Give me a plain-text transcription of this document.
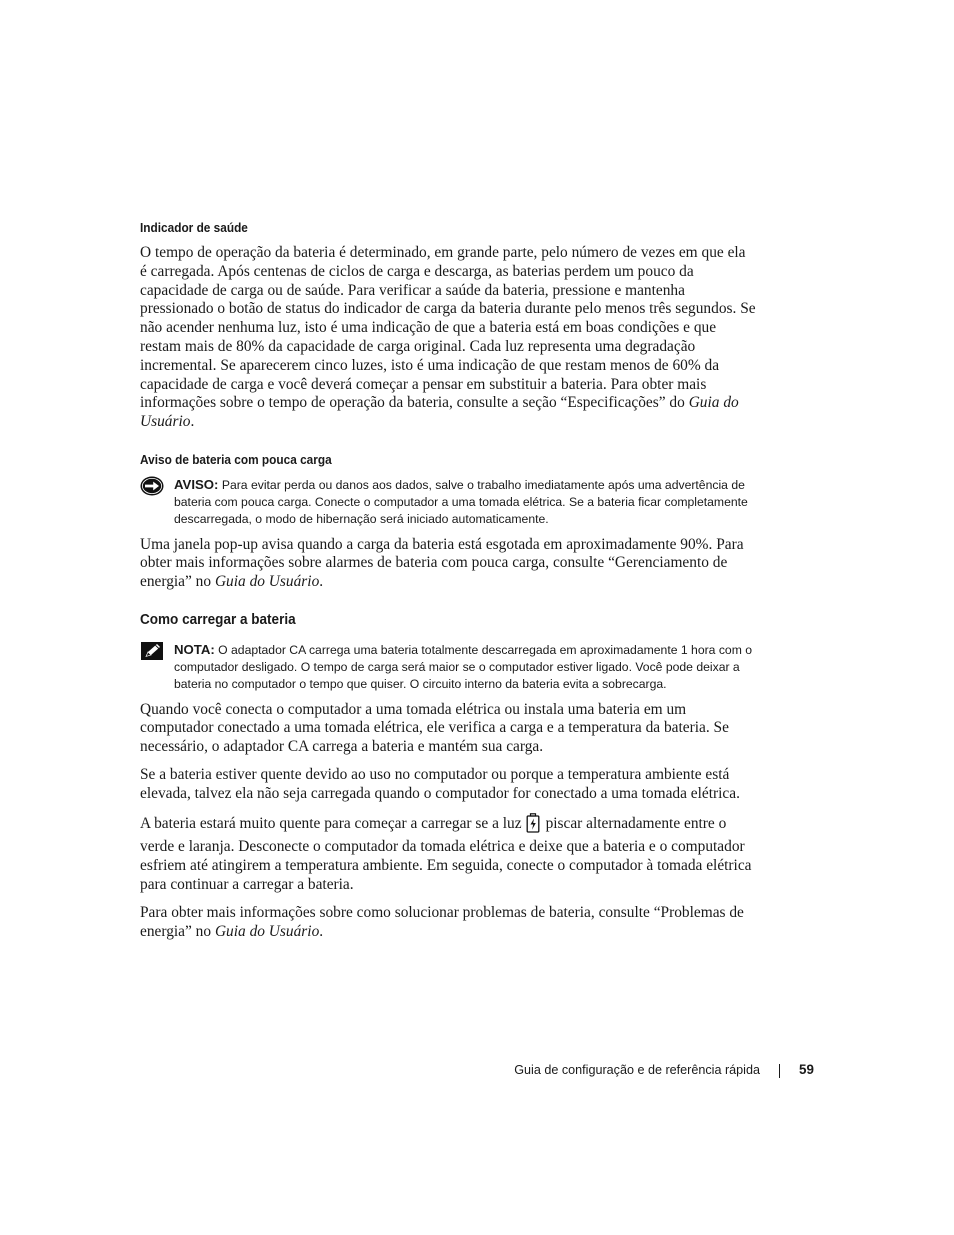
Indicador de saúde

O tempo de operação da bateria é determinado, em grande parte, pelo número de vezes em que ela é carregada. Após centenas de ciclos de carga e descarga, as baterias perdem um pouco da capacidade de carga ou de saúde. Para verificar a saúde da bateria, pressione e mantenha pressionado o botão de status do indicador de carga da bateria durante pelo menos três segundos. Se não acender nenhuma luz, isto é uma indicação de que a bateria está em boas condições e que restam mais de 80% da capacidade de carga original. Cada luz representa uma degradação incremental. Se aparecerem cinco luzes, isto é uma indicação de que restam menos de 60% da capacidade de carga e você deverá começar a pensar em substituir a bateria. Para obter mais informações sobre o tempo de operação da bateria, consulte a seção “Especificações” do Guia do Usuário.

Aviso de bateria com pouca carga
AVISO: Para evitar perda ou danos aos dados, salve o trabalho imediatamente após uma advertência de bateria com pouca carga. Conecte o computador a uma tomada elétrica. Se a bateria ficar completamente descarregada, o modo de hibernação será iniciado automaticamente.

Uma janela pop-up avisa quando a carga da bateria está esgotada em aproximadamente 90%. Para obter mais informações sobre alarmes de bateria com pouca carga, consulte “Gerenciamento de energia” no Guia do Usuário.

Como carregar a bateria
NOTA: O adaptador CA carrega uma bateria totalmente descarregada em aproximadamente 1 hora com o computador desligado. O tempo de carga será maior se o computador estiver ligado. Você pode deixar a bateria no computador o tempo que quiser. O circuito interno da bateria evita a sobrecarga.

Quando você conecta o computador a uma tomada elétrica ou instala uma bateria em um computador conectado a uma tomada elétrica, ele verifica a carga e a temperatura da bateria. Se necessário, o adaptador CA carrega a bateria e mantém sua carga.

Se a bateria estiver quente devido ao uso no computador ou porque a temperatura ambiente está elevada, talvez ela não seja carregada quando o computador for conectado a uma tomada elétrica.

A bateria estará muito quente para começar a carregar se a luz piscar alternadamente entre o verde e laranja. Desconecte o computador da tomada elétrica e deixe que a bateria e o computador esfriem até atingirem a temperatura ambiente. Em seguida, conecte o computador à tomada elétrica para continuar a carregar a bateria.

Para obter mais informações sobre como solucionar problemas de bateria, consulte “Problemas de energia” no Guia do Usuário.

Guia de configuração e de referência rápida	59
